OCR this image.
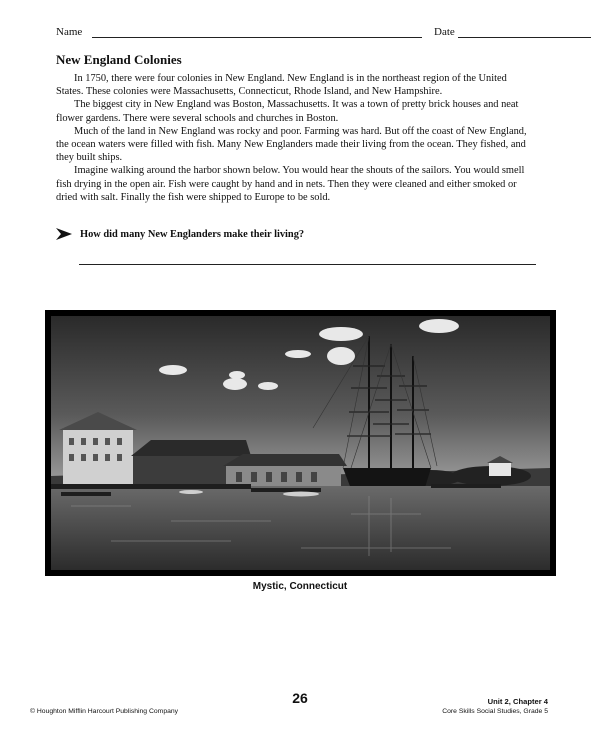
Name	Date
New England Colonies

In 1750, there were four colonies in New England. New England is in the northeast region of the United States. These colonies were Massachusetts, Connecticut, Rhode Island, and New Hampshire.

The biggest city in New England was Boston, Massachusetts. It was a town of pretty brick houses and neat flower gardens. There were several schools and churches in Boston.

Much of the land in New England was rocky and poor. Farming was hard. But off the coast of New England, the ocean waters were filled with fish. Many New Englanders made their living from the ocean. They fished, and they built ships.

Imagine walking around the harbor shown below. You would hear the shouts of the sailors. You would smell fish drying in the open air. Fish were caught by hand and in nets. Then they were cleaned and either smoked or dried with salt. Finally the fish were shipped to Europe to be sold.

How did many New Englanders make their living?
Mystic, Connecticut
26
© Houghton Mifflin Harcourt Publishing Company
Unit 2, Chapter 4
Core Skills Social Studies, Grade 5
